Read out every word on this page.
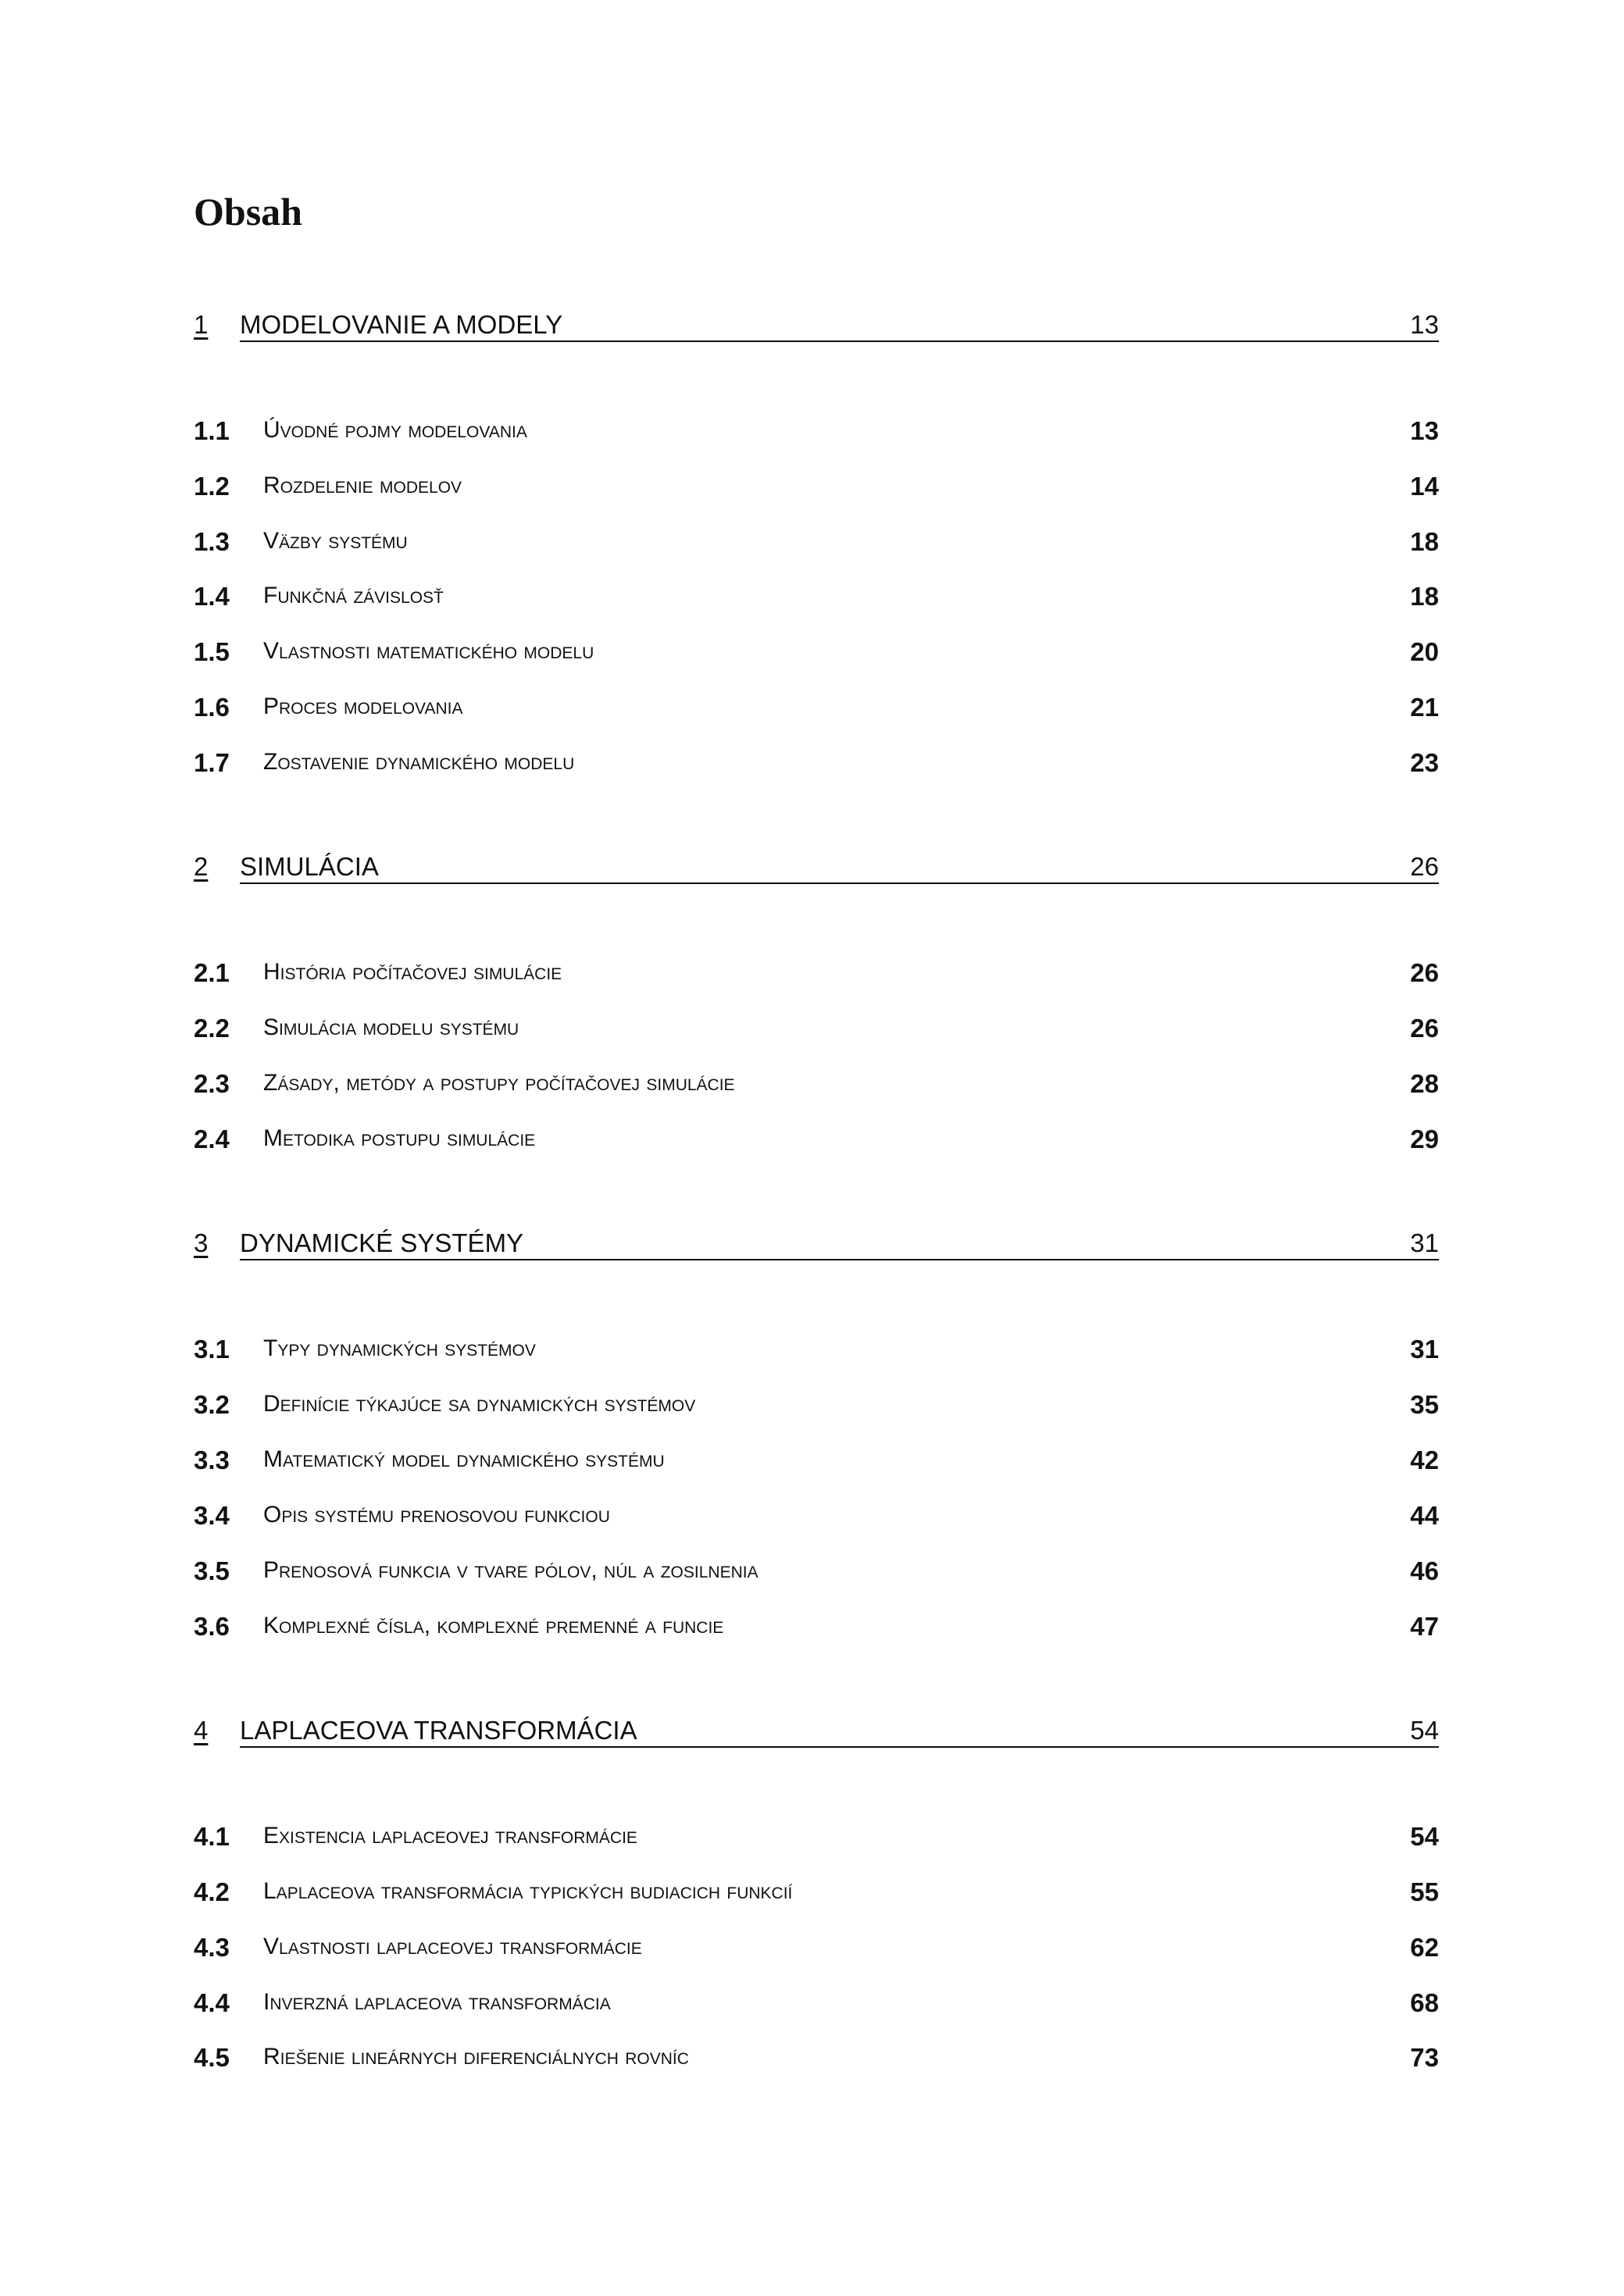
Obsah
1 MODELOVANIE A MODELY	13
1.1 Úvodné pojmy modelovania	13
1.2 Rozdelenie modelov	14
1.3 Väzby systému	18
1.4 Funkčná závislosť	18
1.5 Vlastnosti matematického modelu	20
1.6 Proces modelovania	21
1.7 Zostavenie dynamického modelu	23
2 SIMULÁCIA	26
2.1 História počítačovej simulácie	26
2.2 Simulácia modelu systému	26
2.3 Zásady, metódy a postupy počítačovej simulácie	28
2.4 Metodika postupu simulácie	29
3 DYNAMICKÉ SYSTÉMY	31
3.1 Typy dynamických systémov	31
3.2 Definície týkajúce sa dynamických systémov	35
3.3 Matematický model dynamického systému	42
3.4 Opis systému prenosovou funkciou	44
3.5 Prenosová funkcia v tvare pólov, núl a zosilnenia	46
3.6 Komplexné čísla, komplexné premenné a funcie	47
4 LAPLACEOVA TRANSFORMÁCIA	54
4.1 Existencia laplaceovej transformácie	54
4.2 Laplaceova transformácia typických budiacich funkcií	55
4.3 Vlastnosti laplaceovej transformácie	62
4.4 Inverzná laplaceova transformácia	68
4.5 Riešenie lineárnych diferenciálnych rovníc	73
